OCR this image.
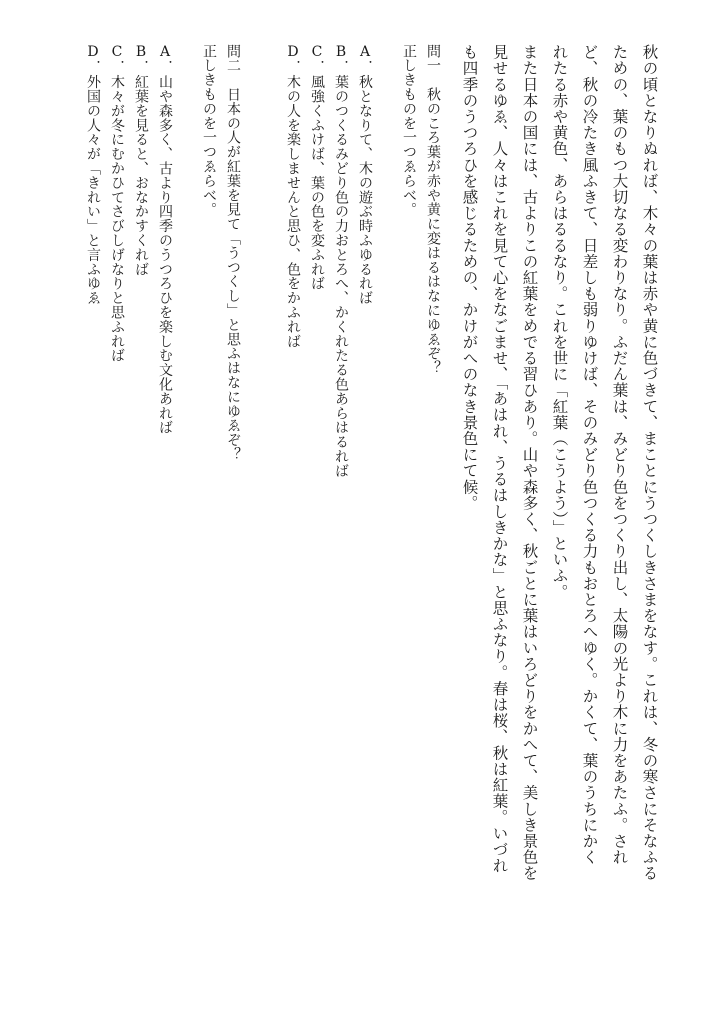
秋の頃となりぬれば、木々の葉は赤や黄に色づきて、まことにうつくしきさまをなす。これは、冬の寒さにそなふる
ための、葉のもつ大切なる変わりなり。ふだん葉は、みどり色をつくり出し、太陽の光より木に力をあたふ。され
ど、秋の冷たき風ふきて、日差しも弱りゆけば、そのみどり色つくる力もおとろへゆく。かくて、葉のうちにかく
れたる赤や黄色、あらはるるなり。これを世に「紅葉（こうよう）」といふ。
また日本の国には、古よりこの紅葉をめでる習ひあり。山や森多く、秋ごとに葉はいろどりをかへて、美しき景色を
見せるゆゑ、人々はこれを見て心をなごませ、「あはれ、うるはしきかな」と思ふなり。春は桜、秋は紅葉。いづれ
も四季のうつろひを感じるための、かけがへのなき景色にて候。
問一　秋のころ葉が赤や黄に変はるはなにゆゑぞ？
正しきものを一つゑらべ。
A．秋となりて、木の遊ぶ時ふゆるれば
B．葉のつくるみどり色の力おとろへ、かくれたる色あらはるれば
C．風強くふけば、葉の色を変ふれば
D．木の人を楽しませんと思ひ、色をかふれば
問二　日本の人が紅葉を見て「うつくし」と思ふはなにゆゑぞ？
正しきものを一つゑらべ。
A．山や森多く、古より四季のうつろひを楽しむ文化あれば
B．紅葉を見ると、おなかすくれば
C．木々が冬にむかひてさびしげなりと思ふれば
D．外国の人々が「きれい」と言ふゆゑ
